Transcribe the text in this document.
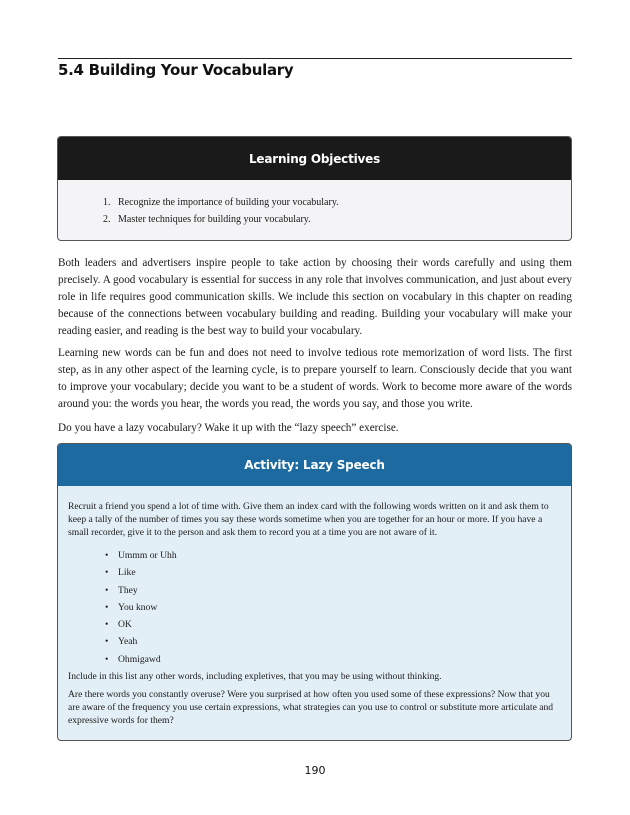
5.4 Building Your Vocabulary
Learning Objectives
1. Recognize the importance of building your vocabulary.
2. Master techniques for building your vocabulary.

Both leaders and advertisers inspire people to take action by choosing their words carefully and using them precisely. A good vocabulary is essential for success in any role that involves communication, and just about every role in life requires good communication skills. We include this section on vocabulary in this chapter on reading because of the connections between vocabulary building and reading. Building your vocabulary will make your reading easier, and reading is the best way to build your vocabulary.

Learning new words can be fun and does not need to involve tedious rote memorization of word lists. The first step, as in any other aspect of the learning cycle, is to prepare yourself to learn. Consciously decide that you want to improve your vocabulary; decide you want to be a student of words. Work to become more aware of the words around you: the words you hear, the words you read, the words you say, and those you write.

Do you have a lazy vocabulary? Wake it up with the “lazy speech” exercise.

Activity: Lazy Speech

Recruit a friend you spend a lot of time with. Give them an index card with the following words written on it and ask them to keep a tally of the number of times you say these words sometime when you are together for an hour or more. If you have a small recorder, give it to the person and ask them to record you at a time you are not aware of it.

• Ummm or Uhh
• Like
• They
• You know
• OK
• Yeah
• Ohmigawd

Include in this list any other words, including expletives, that you may be using without thinking.

Are there words you constantly overuse? Were you surprised at how often you used some of these expressions? Now that you are aware of the frequency you use certain expressions, what strategies can you use to control or substitute more articulate and expressive words for them?

190
